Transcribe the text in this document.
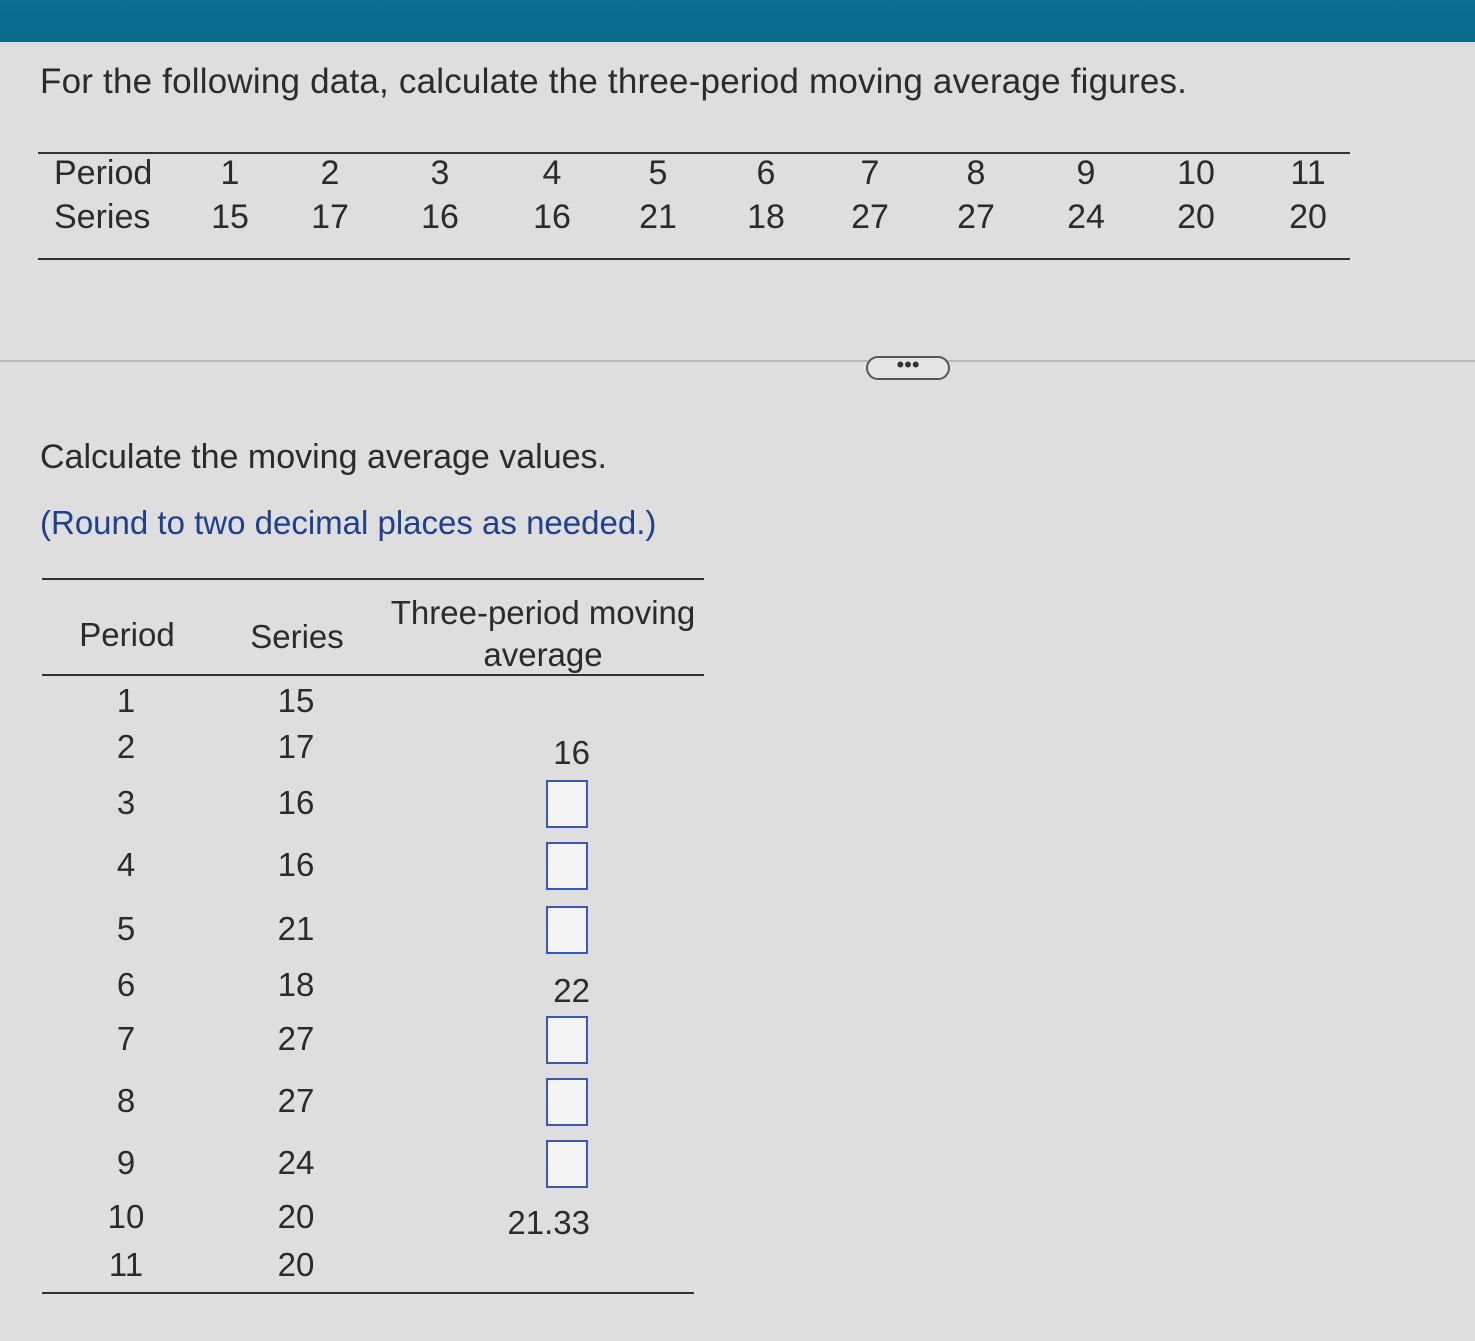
For the following data, calculate the three-period moving average figures.
Period	1	2	3	4	5	6	7	8	9	10	11
Series	15	17	16	16	21	18	27	27	24	20	20
•••
Calculate the moving average values.
(Round to two decimal places as needed.)
Period	Series
Three-period moving
average
1	15
2	17	16
3	16
4	16
5	21
6	18	22
7	27
8	27
9	24
10	20	21.33
11	20
